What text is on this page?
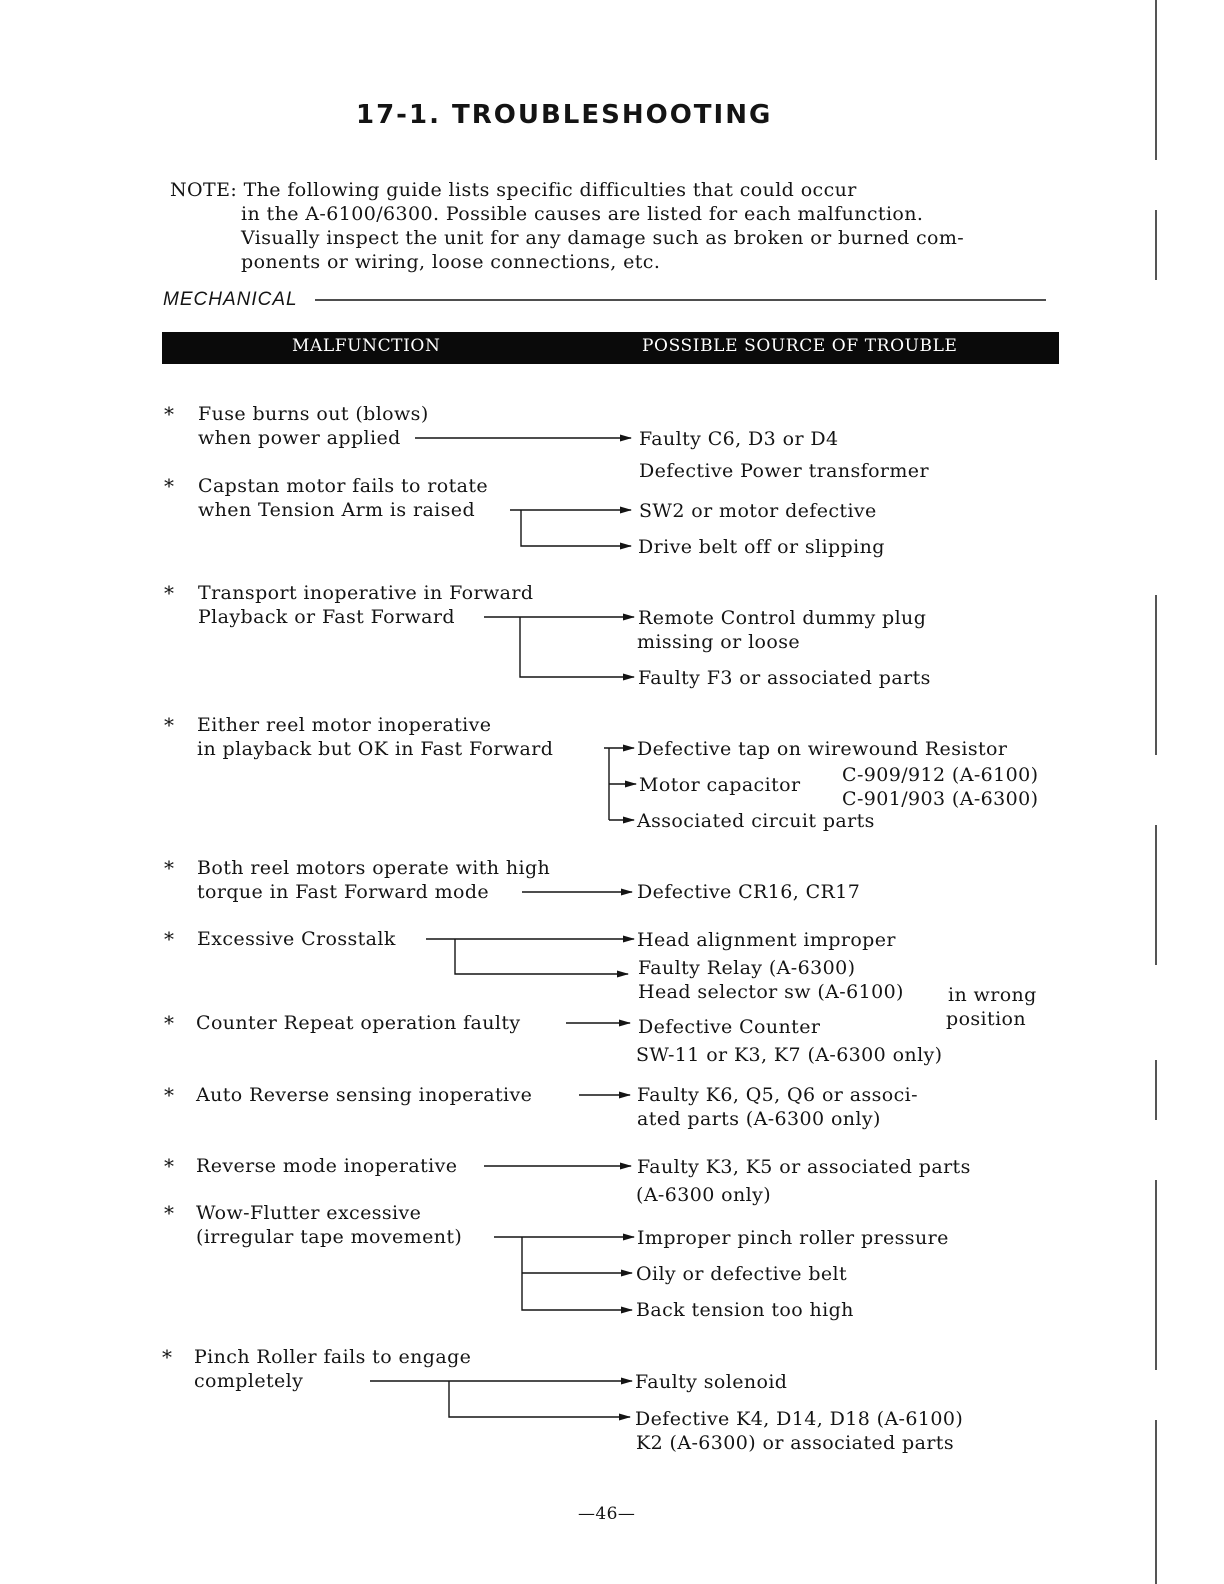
17-1. TROUBLESHOOTING
NOTE: The following guide lists specific difficulties that could occur
in the A-6100/6300. Possible causes are listed for each malfunction.
Visually inspect the unit for any damage such as broken or burned com-
ponents or wiring, loose connections, etc.
MECHANICAL
MALFUNCTION	POSSIBLE SOURCE OF TROUBLE
* Fuse burns out (blows)
when power applied
* Capstan motor fails to rotate
when Tension Arm is raised
* Transport inoperative in Forward
Playback or Fast Forward
* Either reel motor inoperative
in playback but OK in Fast Forward
* Both reel motors operate with high
torque in Fast Forward mode
* Excessive Crosstalk
* Counter Repeat operation faulty
* Auto Reverse sensing inoperative
* Reverse mode inoperative
* Wow-Flutter excessive
(irregular tape movement)
* Pinch Roller fails to engage
completely
Faulty C6, D3 or D4
Defective Power transformer
SW2 or motor defective
Drive belt off or slipping
Remote Control dummy plug
missing or loose
Faulty F3 or associated parts
Defective tap on wirewound Resistor
Motor capacitor C-909/912 (A-6100)
C-901/903 (A-6300)
Associated circuit parts
Defective CR16, CR17
Head alignment improper
Faulty Relay (A-6300)
Head selector sw (A-6100) in wrong
position
Defective Counter
SW-11 or K3, K7 (A-6300 only)
Faulty K6, Q5, Q6 or associ-
ated parts (A-6300 only)
Faulty K3, K5 or associated parts
(A-6300 only)
Improper pinch roller pressure
Oily or defective belt
Back tension too high
Faulty solenoid
Defective K4, D14, D18 (A-6100)
K2 (A-6300) or associated parts
—46—
